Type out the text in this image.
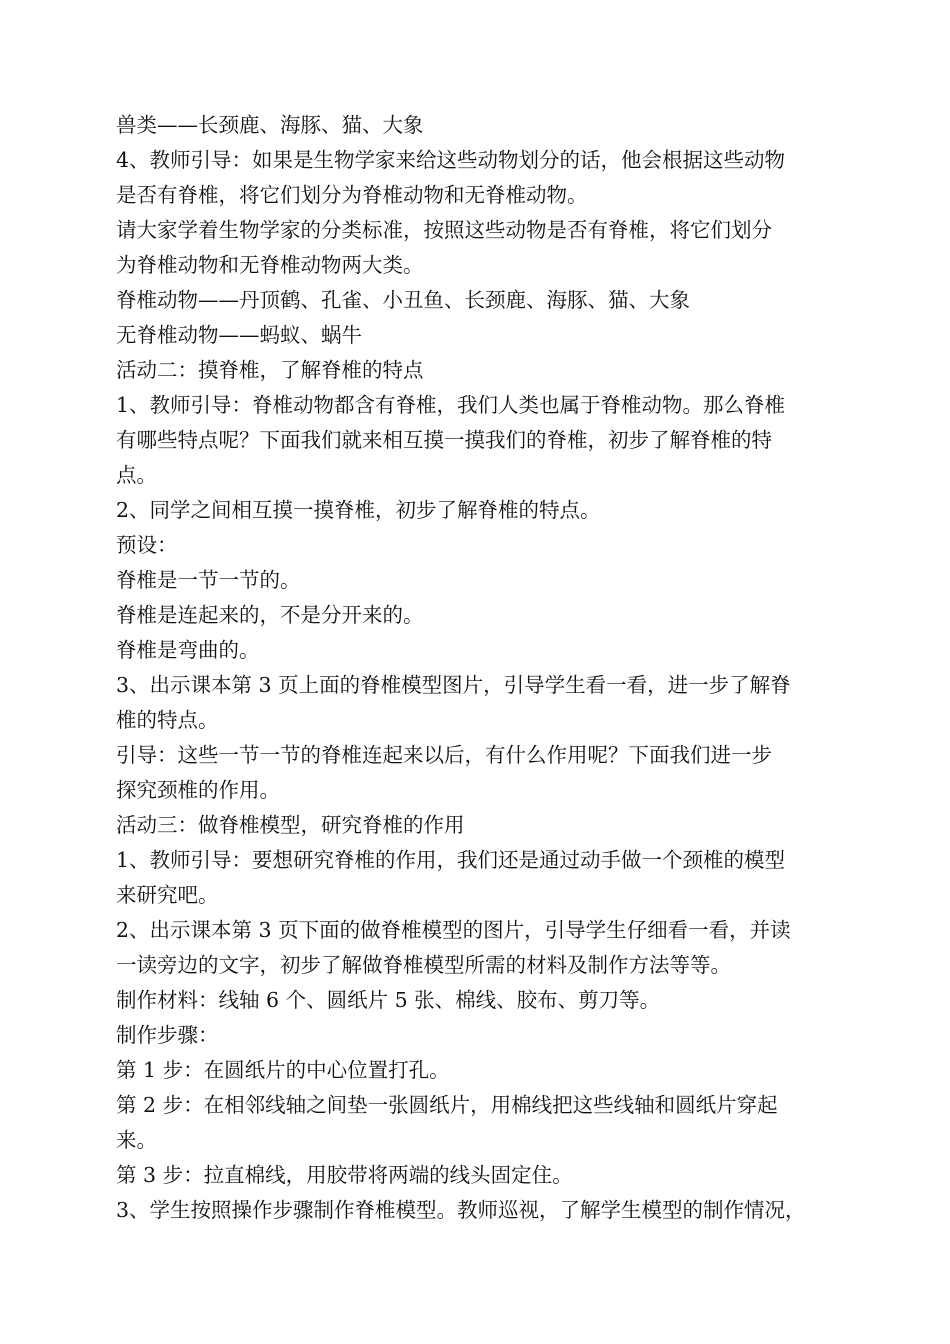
兽类——长颈鹿、海豚、猫、大象

4、教师引导：如果是生物学家来给这些动物划分的话，他会根据这些动物

是否有脊椎，将它们划分为脊椎动物和无脊椎动物。

请大家学着生物学家的分类标准，按照这些动物是否有脊椎，将它们划分

为脊椎动物和无脊椎动物两大类。

脊椎动物——丹顶鹤、孔雀、小丑鱼、长颈鹿、海豚、猫、大象

无脊椎动物——蚂蚁、蜗牛

活动二：摸脊椎，了解脊椎的特点

1、教师引导：脊椎动物都含有脊椎，我们人类也属于脊椎动物。那么脊椎

有哪些特点呢？下面我们就来相互摸一摸我们的脊椎，初步了解脊椎的特

点。

2、同学之间相互摸一摸脊椎，初步了解脊椎的特点。

预设：

脊椎是一节一节的。

脊椎是连起来的，不是分开来的。

脊椎是弯曲的。

3、出示课本第 3 页上面的脊椎模型图片，引导学生看一看，进一步了解脊

椎的特点。

引导：这些一节一节的脊椎连起来以后，有什么作用呢？下面我们进一步

探究颈椎的作用。

活动三：做脊椎模型，研究脊椎的作用

1、教师引导：要想研究脊椎的作用，我们还是通过动手做一个颈椎的模型

来研究吧。

2、出示课本第 3 页下面的做脊椎模型的图片，引导学生仔细看一看，并读

一读旁边的文字，初步了解做脊椎模型所需的材料及制作方法等等。

制作材料：线轴 6 个、圆纸片 5 张、棉线、胶布、剪刀等。

制作步骤：

第 1 步：在圆纸片的中心位置打孔。

第 2 步：在相邻线轴之间垫一张圆纸片，用棉线把这些线轴和圆纸片穿起

来。

第 3 步：拉直棉线，用胶带将两端的线头固定住。

3、学生按照操作步骤制作脊椎模型。教师巡视，了解学生模型的制作情况，
